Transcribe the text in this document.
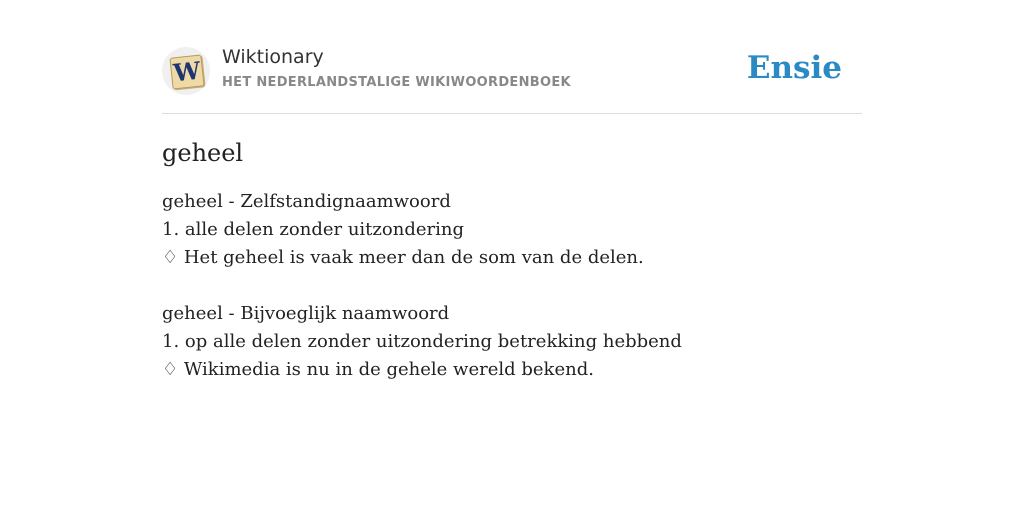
W Wiktionary
HET NEDERLANDSTALIGE WIKIWOORDENBOEK	Ensie
geheel
geheel - Zelfstandignaamwoord
1. alle delen zonder uitzondering
♢ Het geheel is vaak meer dan de som van de delen.
geheel - Bijvoeglijk naamwoord
1. op alle delen zonder uitzondering betrekking hebbend
♢ Wikimedia is nu in de gehele wereld bekend.
